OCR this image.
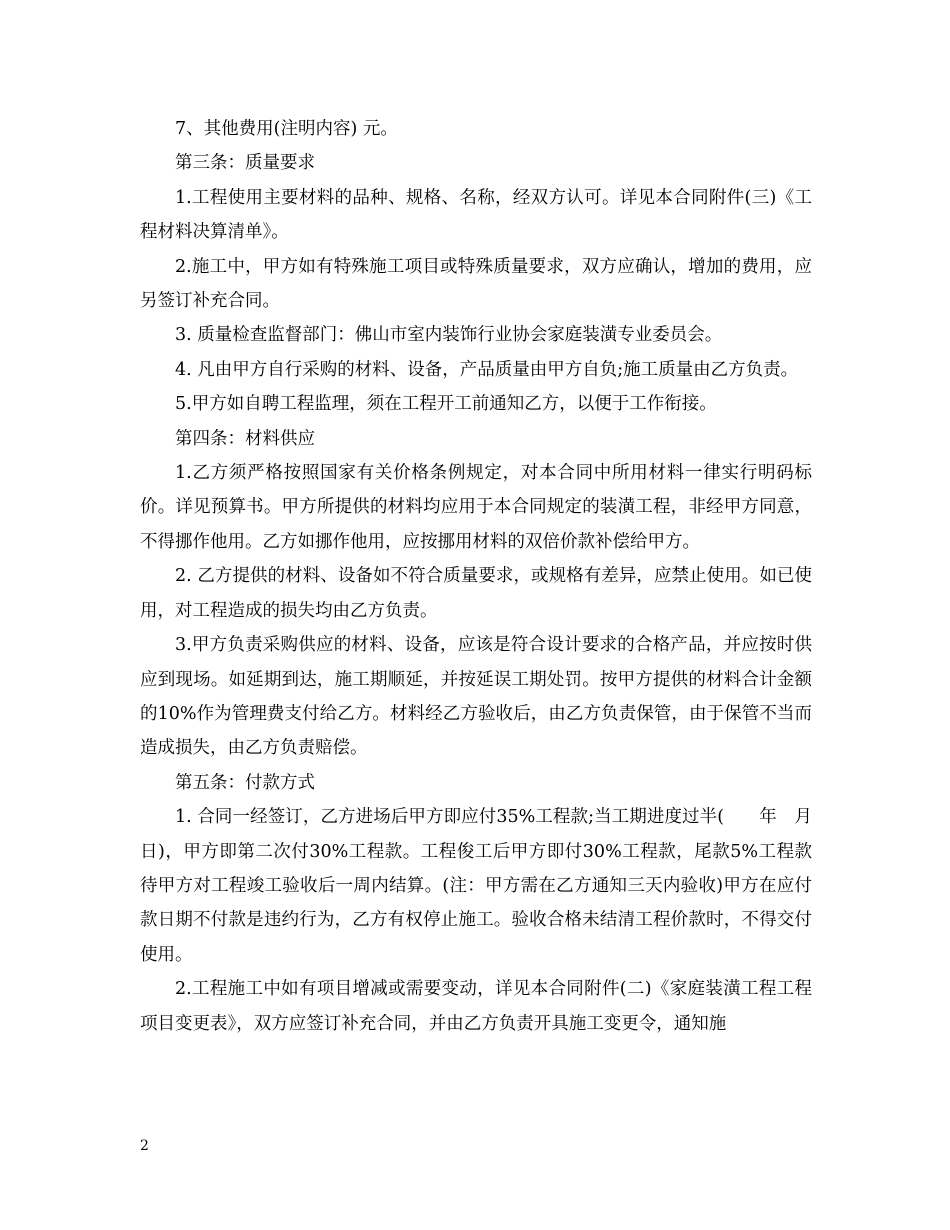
7、其他费用(注明内容) 元。

第三条：质量要求

1.工程使用主要材料的品种、规格、名称，经双方认可。详见本合同附件(三)《工程材料决算清单》。

2.施工中，甲方如有特殊施工项目或特殊质量要求，双方应确认，增加的费用，应另签订补充合同。

3. 质量检查监督部门：佛山市室内装饰行业协会家庭装潢专业委员会。

4. 凡由甲方自行采购的材料、设备，产品质量由甲方自负;施工质量由乙方负责。

5.甲方如自聘工程监理，须在工程开工前通知乙方，以便于工作衔接。

第四条：材料供应

1.乙方须严格按照国家有关价格条例规定，对本合同中所用材料一律实行明码标价。详见预算书。甲方所提供的材料均应用于本合同规定的装潢工程，非经甲方同意，不得挪作他用。乙方如挪作他用，应按挪用材料的双倍价款补偿给甲方。

2. 乙方提供的材料、设备如不符合质量要求，或规格有差异，应禁止使用。如已使用，对工程造成的损失均由乙方负责。

3.甲方负责采购供应的材料、设备，应该是符合设计要求的合格产品，并应按时供应到现场。如延期到达，施工期顺延，并按延误工期处罚。按甲方提供的材料合计金额的10%作为管理费支付给乙方。材料经乙方验收后，由乙方负责保管，由于保管不当而造成损失，由乙方负责赔偿。

第五条：付款方式

1. 合同一经签订，乙方进场后甲方即应付35%工程款;当工期进度过半(　　年　月　　日)，甲方即第二次付30%工程款。工程俊工后甲方即付30%工程款，尾款5%工程款待甲方对工程竣工验收后一周内结算。(注：甲方需在乙方通知三天内验收)甲方在应付款日期不付款是违约行为，乙方有权停止施工。验收合格未结清工程价款时，不得交付使用。

2.工程施工中如有项目增减或需要变动，详见本合同附件(二)《家庭装潢工程工程项目变更表》，双方应签订补充合同，并由乙方负责开具施工变更令，通知施

2
